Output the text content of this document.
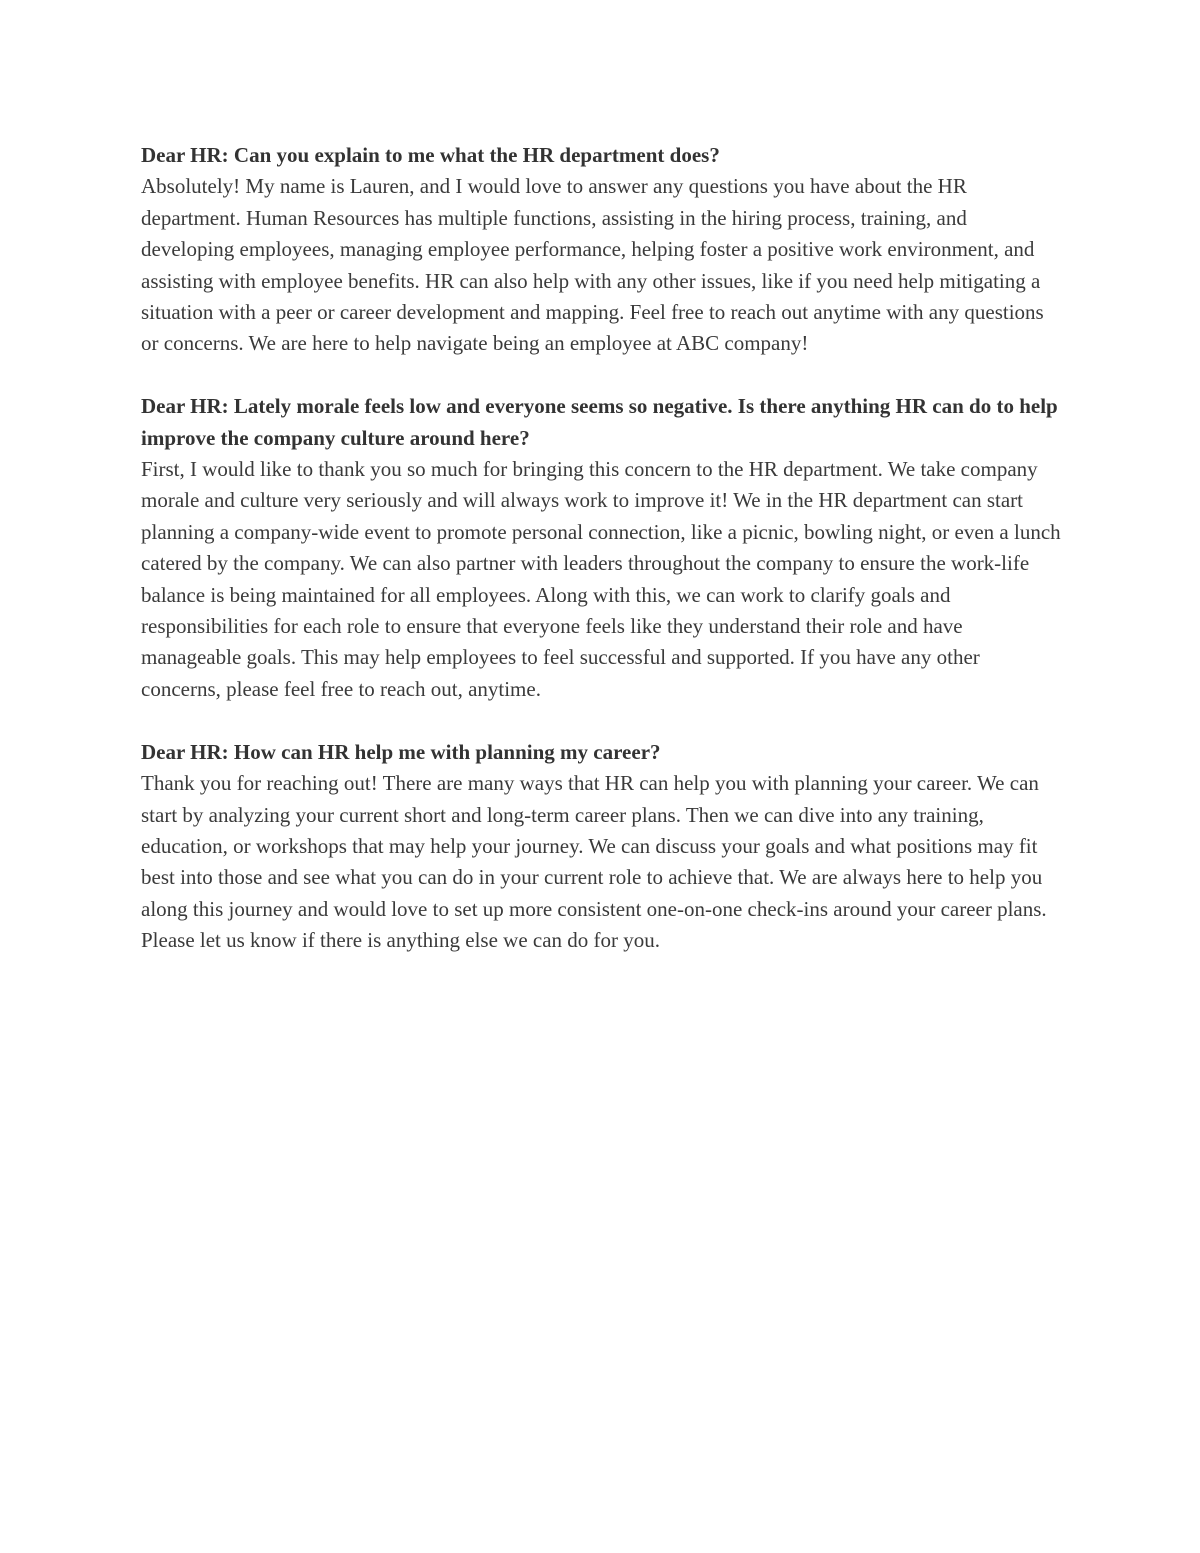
Dear HR: Can you explain to me what the HR department does?
Absolutely! My name is Lauren, and I would love to answer any questions you have about the HR department. Human Resources has multiple functions, assisting in the hiring process, training, and developing employees, managing employee performance, helping foster a positive work environment, and assisting with employee benefits. HR can also help with any other issues, like if you need help mitigating a situation with a peer or career development and mapping. Feel free to reach out anytime with any questions or concerns. We are here to help navigate being an employee at ABC company!
Dear HR: Lately morale feels low and everyone seems so negative. Is there anything HR can do to help improve the company culture around here?
First, I would like to thank you so much for bringing this concern to the HR department. We take company morale and culture very seriously and will always work to improve it! We in the HR department can start planning a company-wide event to promote personal connection, like a picnic, bowling night, or even a lunch catered by the company. We can also partner with leaders throughout the company to ensure the work-life balance is being maintained for all employees. Along with this, we can work to clarify goals and responsibilities for each role to ensure that everyone feels like they understand their role and have manageable goals. This may help employees to feel successful and supported. If you have any other concerns, please feel free to reach out, anytime.
Dear HR: How can HR help me with planning my career?
Thank you for reaching out! There are many ways that HR can help you with planning your career. We can start by analyzing your current short and long-term career plans. Then we can dive into any training, education, or workshops that may help your journey. We can discuss your goals and what positions may fit best into those and see what you can do in your current role to achieve that. We are always here to help you along this journey and would love to set up more consistent one-on-one check-ins around your career plans. Please let us know if there is anything else we can do for you.
